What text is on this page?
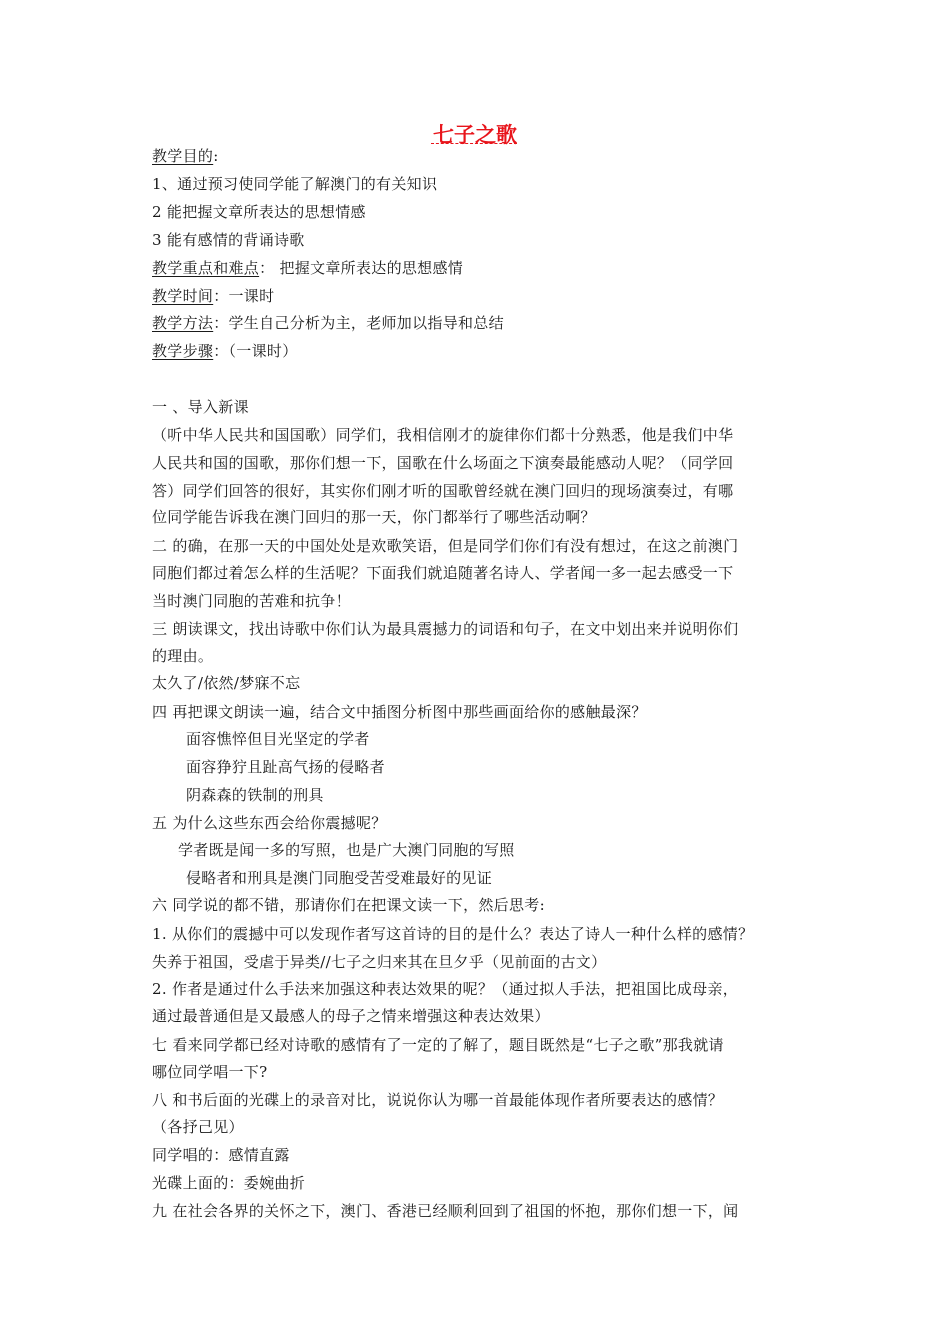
七子之歌
教学目的:
1、通过预习使同学能了解澳门的有关知识
2 能把握文章所表达的思想情感
3 能有感情的背诵诗歌
教学重点和难点： 把握文章所表达的思想感情
教学时间：一课时
教学方法：学生自己分析为主，老师加以指导和总结
教学步骤：（一课时）
一 、导入新课
（听中华人民共和国国歌）同学们，我相信刚才的旋律你们都十分熟悉，他是我们中华
人民共和国的国歌，那你们想一下，国歌在什么场面之下演奏最能感动人呢？（同学回
答）同学们回答的很好，其实你们刚才听的国歌曾经就在澳门回归的现场演奏过，有哪
位同学能告诉我在澳门回归的那一天，你门都举行了哪些活动啊？
二 的确，在那一天的中国处处是欢歌笑语，但是同学们你们有没有想过，在这之前澳门
同胞们都过着怎么样的生活呢？下面我们就追随著名诗人、学者闻一多一起去感受一下
当时澳门同胞的苦难和抗争！
三 朗读课文，找出诗歌中你们认为最具震撼力的词语和句子，在文中划出来并说明你们
的理由。
太久了/依然/梦寐不忘
四 再把课文朗读一遍，结合文中插图分析图中那些画面给你的感触最深？
面容憔悴但目光坚定的学者
面容狰狞且趾高气扬的侵略者
阴森森的铁制的刑具
五 为什么这些东西会给你震撼呢？
学者既是闻一多的写照，也是广大澳门同胞的写照
侵略者和刑具是澳门同胞受苦受难最好的见证
六 同学说的都不错，那请你们在把课文读一下，然后思考:
1. 从你们的震撼中可以发现作者写这首诗的目的是什么？表达了诗人一种什么样的感情？
失养于祖国，受虐于异类//七子之归来其在旦夕乎（见前面的古文）
2. 作者是通过什么手法来加强这种表达效果的呢？（通过拟人手法，把祖国比成母亲，
通过最普通但是又最感人的母子之情来增强这种表达效果）
七 看来同学都已经对诗歌的感情有了一定的了解了，题目既然是“七子之歌”那我就请
哪位同学唱一下?
八 和书后面的光碟上的录音对比，说说你认为哪一首最能体现作者所要表达的感情？
（各抒己见）
同学唱的：感情直露
光碟上面的：委婉曲折
九 在社会各界的关怀之下，澳门、香港已经顺利回到了祖国的怀抱，那你们想一下，闻
